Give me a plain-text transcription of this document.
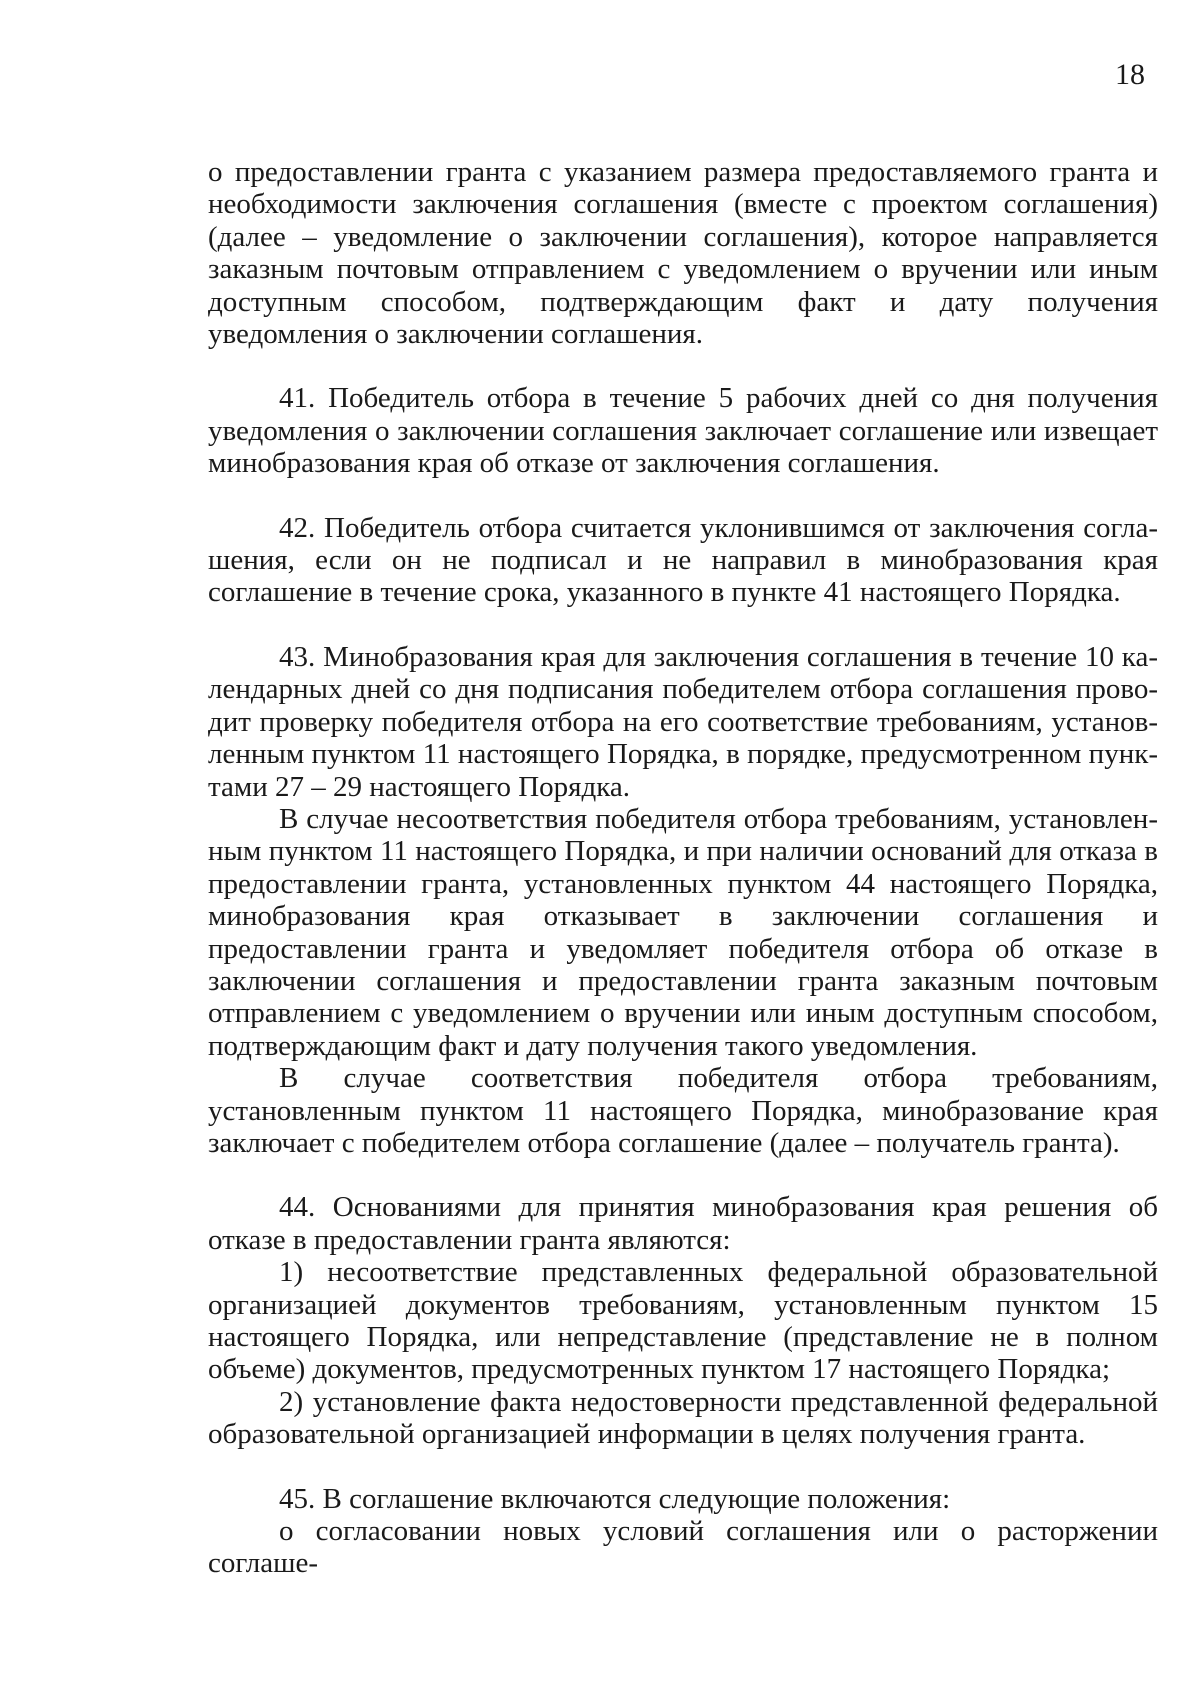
18

о предоставлении гранта с указанием размера предоставляемого гранта и необходимости заключения соглашения (вместе с проектом соглашения) (далее – уведомление о заключении соглашения), которое направляется заказным почтовым отправлением с уведомлением о вручении или иным доступным способом, подтверждающим факт и дату получения уведомления о заключении соглашения.

41. Победитель отбора в течение 5 рабочих дней со дня получения уведомления о заключении соглашения заключает соглашение или извещает минобразования края об отказе от заключения соглашения.

42. Победитель отбора считается уклонившимся от заключения соглашения, если он не подписал и не направил в минобразования края соглашение в течение срока, указанного в пункте 41 настоящего Порядка.

43. Минобразования края для заключения соглашения в течение 10 календарных дней со дня подписания победителем отбора соглашения проводит проверку победителя отбора на его соответствие требованиям, установленным пунктом 11 настоящего Порядка, в порядке, предусмотренном пунктами 27 – 29 настоящего Порядка.

В случае несоответствия победителя отбора требованиям, установленным пунктом 11 настоящего Порядка, и при наличии оснований для отказа в предоставлении гранта, установленных пунктом 44 настоящего Порядка, минобразования края отказывает в заключении соглашения и предоставлении гранта и уведомляет победителя отбора об отказе в заключении соглашения и предоставлении гранта заказным почтовым отправлением с уведомлением о вручении или иным доступным способом, подтверждающим факт и дату получения такого уведомления.

В случае соответствия победителя отбора требованиям, установленным пунктом 11 настоящего Порядка, минобразование края заключает с победителем отбора соглашение (далее – получатель гранта).

44. Основаниями для принятия минобразования края решения об отказе в предоставлении гранта являются:

1) несоответствие представленных федеральной образовательной организацией документов требованиям, установленным пунктом 15 настоящего Порядка, или непредставление (представление не в полном объеме) документов, предусмотренных пунктом 17 настоящего Порядка;

2) установление факта недостоверности представленной федеральной образовательной организацией информации в целях получения гранта.

45. В соглашение включаются следующие положения:

о согласовании новых условий соглашения или о расторжении соглаше-
